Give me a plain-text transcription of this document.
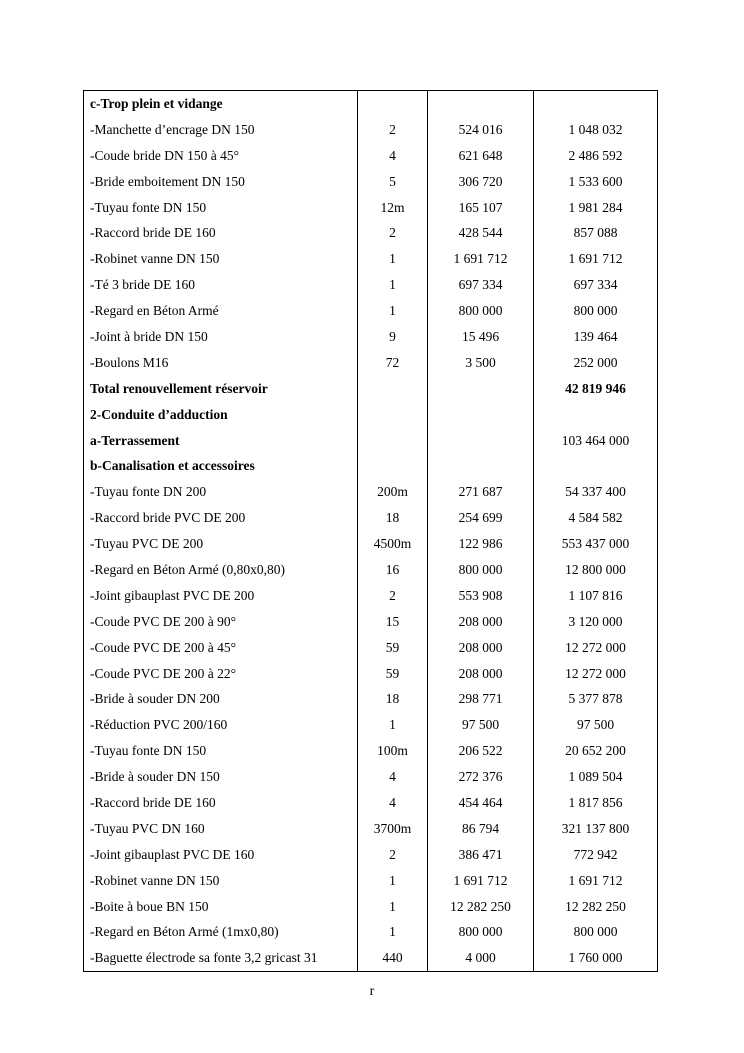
c-Trop plein et vidange			
-Manchette d’encrage DN 150	2	524 016	1 048 032
-Coude bride DN 150 à 45°	4	621 648	2 486 592
-Bride emboitement DN 150	5	306 720	1 533 600
-Tuyau fonte DN 150	12m	165 107	1 981 284
-Raccord bride DE 160	2	428 544	857 088
-Robinet vanne DN 150	1	1 691 712	1 691 712
-Té 3 bride DE 160	1	697 334	697 334
-Regard en Béton Armé	1	800 000	800 000
-Joint à bride DN 150	9	15 496	139 464
-Boulons M16	72	3 500	252 000
Total renouvellement réservoir			42 819 946
2-Conduite d’adduction			
a-Terrassement			103 464 000
b-Canalisation et accessoires			
-Tuyau fonte DN 200	200m	271 687	54 337 400
-Raccord bride PVC DE 200	18	254 699	4 584 582
-Tuyau PVC DE 200	4500m	122 986	553 437 000
-Regard en Béton Armé (0,80x0,80)	16	800 000	12 800 000
-Joint gibauplast PVC DE 200	2	553 908	1 107 816
-Coude PVC DE 200 à 90°	15	208 000	3 120 000
-Coude PVC DE 200 à 45°	59	208 000	12 272 000
-Coude PVC DE 200 à 22°	59	208 000	12 272 000
-Bride à souder DN 200	18	298 771	5 377 878
-Réduction PVC 200/160	1	97 500	97 500
-Tuyau fonte DN 150	100m	206 522	20 652 200
-Bride à souder DN 150	4	272 376	1 089 504
-Raccord bride DE 160	4	454 464	1 817 856
-Tuyau PVC DN 160	3700m	86 794	321 137 800
-Joint gibauplast PVC DE 160	2	386 471	772 942
-Robinet vanne DN 150	1	1 691 712	1 691 712
-Boite à boue BN 150	1	12 282 250	12 282 250
-Regard en Béton Armé (1mx0,80)	1	800 000	800 000
-Baguette électrode sa fonte 3,2 gricast 31	440	4 000	1 760 000
r
